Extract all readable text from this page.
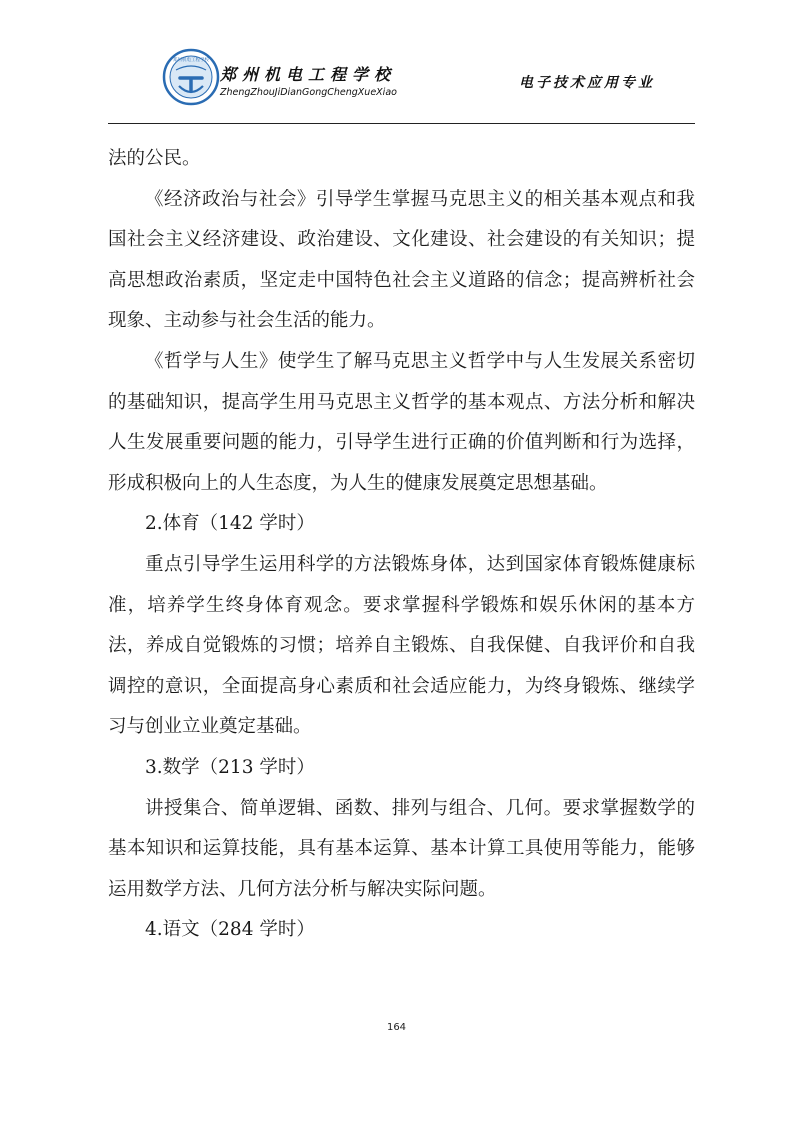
郑州机电工程学校
郑州机电工程学校
ZhengZhouJiDianGongChengXueXiao
电子技术应用专业

法的公民。

《经济政治与社会》引导学生掌握马克思主义的相关基本观点和我国社会主义经济建设、政治建设、文化建设、社会建设的有关知识；提高思想政治素质，坚定走中国特色社会主义道路的信念；提高辨析社会现象、主动参与社会生活的能力。

《哲学与人生》使学生了解马克思主义哲学中与人生发展关系密切的基础知识，提高学生用马克思主义哲学的基本观点、方法分析和解决人生发展重要问题的能力，引导学生进行正确的价值判断和行为选择，形成积极向上的人生态度，为人生的健康发展奠定思想基础。

2.体育（142 学时）

重点引导学生运用科学的方法锻炼身体，达到国家体育锻炼健康标准，培养学生终身体育观念。要求掌握科学锻炼和娱乐休闲的基本方法，养成自觉锻炼的习惯；培养自主锻炼、自我保健、自我评价和自我调控的意识，全面提高身心素质和社会适应能力，为终身锻炼、继续学习与创业立业奠定基础。

3.数学（213 学时）

讲授集合、简单逻辑、函数、排列与组合、几何。要求掌握数学的基本知识和运算技能，具有基本运算、基本计算工具使用等能力，能够运用数学方法、几何方法分析与解决实际问题。

4.语文（284 学时）

164
